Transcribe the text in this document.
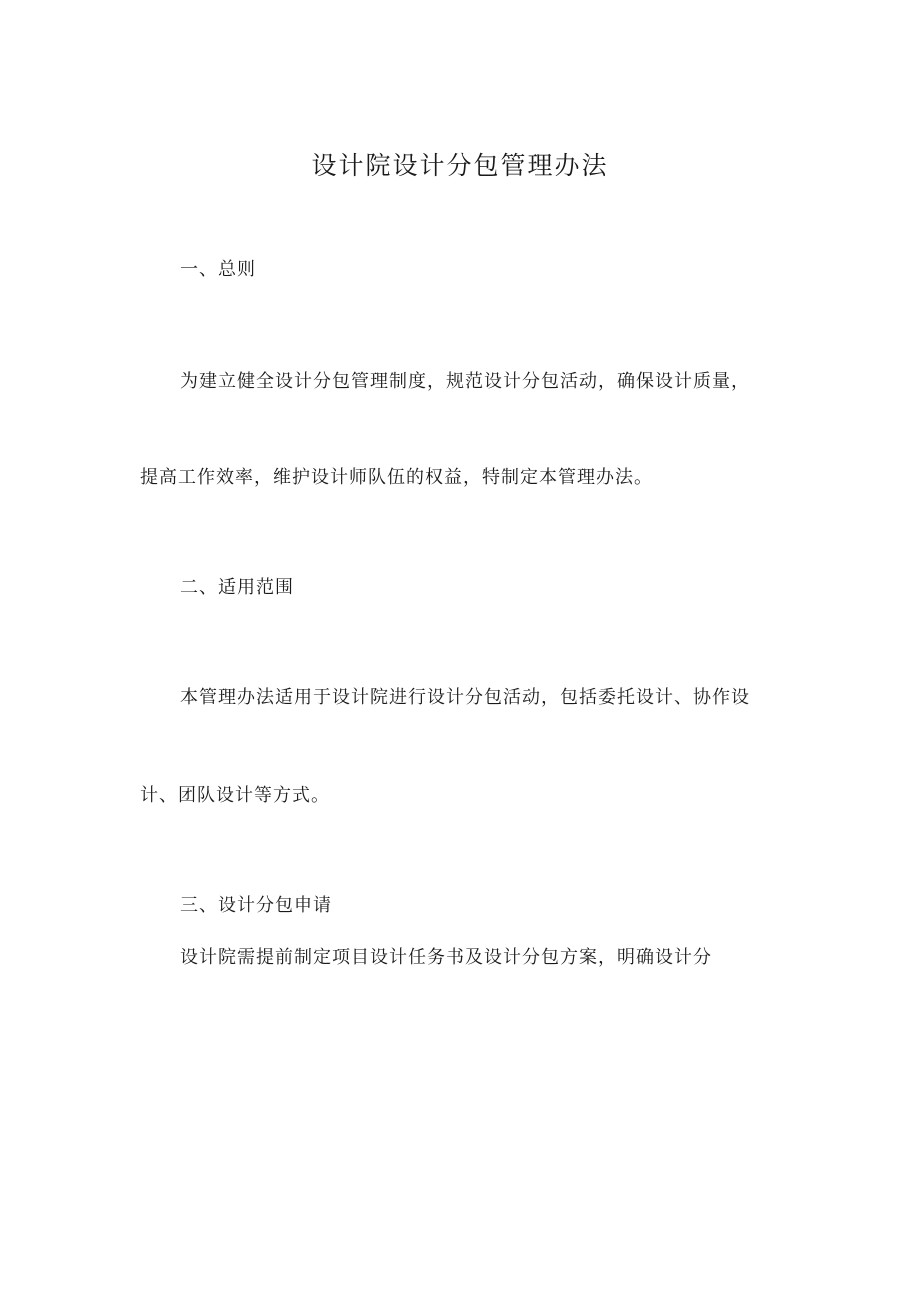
设计院设计分包管理办法
一、总则
为建立健全设计分包管理制度，规范设计分包活动，确保设计质量，
提高工作效率，维护设计师队伍的权益，特制定本管理办法。
二、适用范围
本管理办法适用于设计院进行设计分包活动，包括委托设计、协作设
计、团队设计等方式。
三、设计分包申请
设计院需提前制定项目设计任务书及设计分包方案，明确设计分
